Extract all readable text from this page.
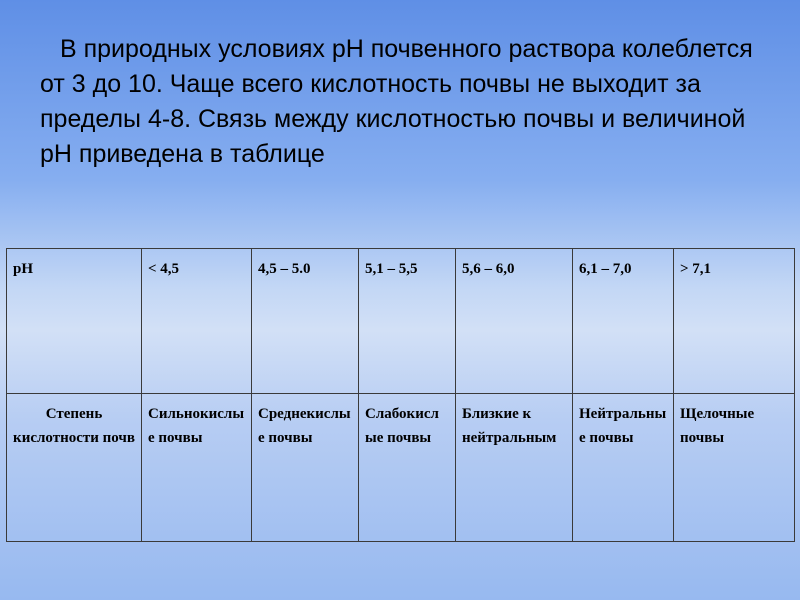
В природных условиях рН почвенного раствора колеблется от 3 до 10. Чаще всего кислотность почвы не выходит за пределы 4-8. Связь между кислотностью почвы и величиной рН приведена в таблице
рН	< 4,5	4,5 – 5.0	5,1 – 5,5	5,6 – 6,0	6,1 – 7,0	> 7,1
Степень кислотности почв	Сильнокислые почвы	Среднекислые почвы	Слабокислые почвы	Близкие к нейтральным	Нейтральные почвы	Щелочные почвы
